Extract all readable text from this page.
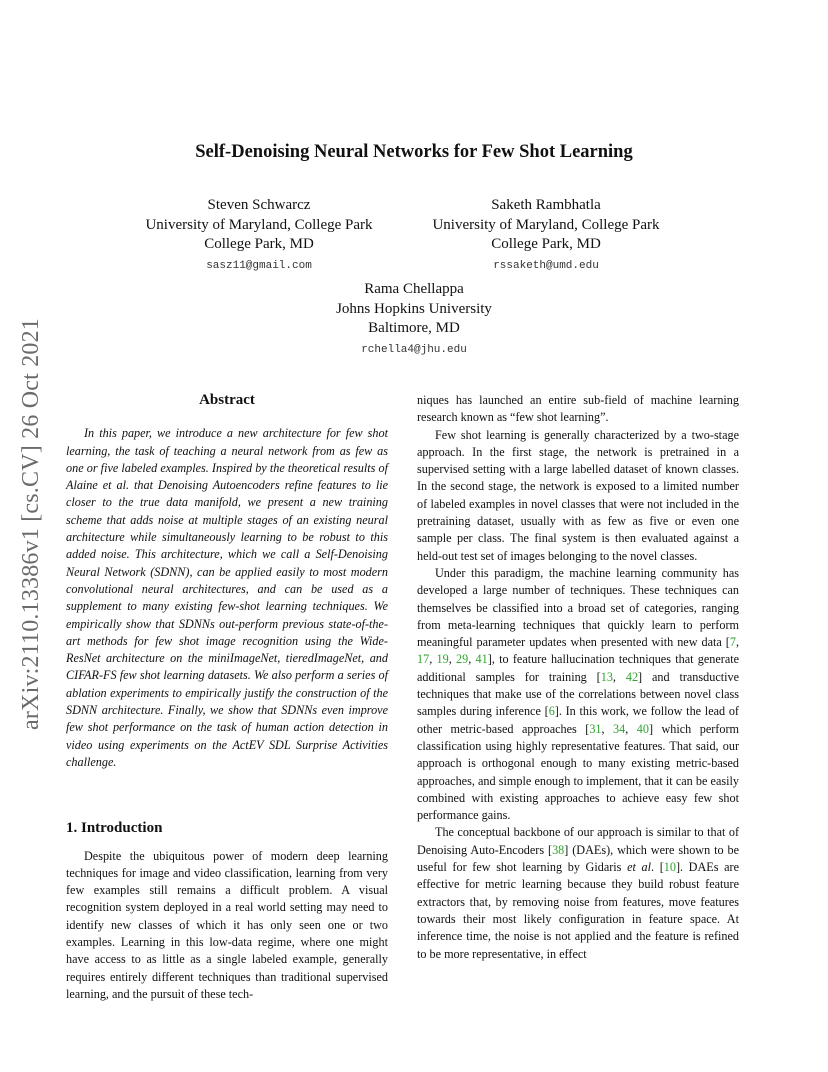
arXiv:2110.13386v1 [cs.CV] 26 Oct 2021
Self-Denoising Neural Networks for Few Shot Learning
Steven Schwarcz
University of Maryland, College Park
College Park, MD
sasz11@gmail.com
Saketh Rambhatla
University of Maryland, College Park
College Park, MD
rssaketh@umd.edu
Rama Chellappa
Johns Hopkins University
Baltimore, MD
rchella4@jhu.edu
Abstract

In this paper, we introduce a new architecture for few shot learning, the task of teaching a neural network from as few as one or five labeled examples. Inspired by the theoretical results of Alaine et al. that Denoising Autoencoders refine features to lie closer to the true data manifold, we present a new training scheme that adds noise at multiple stages of an existing neural architecture while simultaneously learning to be robust to this added noise. This architecture, which we call a Self-Denoising Neural Network (SDNN), can be applied easily to most modern convolutional neural architectures, and can be used as a supplement to many existing few-shot learning techniques. We empirically show that SDNNs out-perform previous state-of-the-art methods for few shot image recognition using the Wide-ResNet architecture on the miniImageNet, tieredImageNet, and CIFAR-FS few shot learning datasets. We also perform a series of ablation experiments to empirically justify the construction of the SDNN architecture. Finally, we show that SDNNs even improve few shot performance on the task of human action detection in video using experiments on the ActEV SDL Surprise Activities challenge.

1. Introduction

Despite the ubiquitous power of modern deep learning techniques for image and video classification, learning from very few examples still remains a difficult problem. A visual recognition system deployed in a real world setting may need to identify new classes of which it has only seen one or two examples. Learning in this low-data regime, where one might have access to as little as a single labeled example, generally requires entirely different techniques than traditional supervised learning, and the pursuit of these tech-

niques has launched an entire sub-field of machine learning research known as “few shot learning”.

Few shot learning is generally characterized by a two-stage approach. In the first stage, the network is pretrained in a supervised setting with a large labelled dataset of known classes. In the second stage, the network is exposed to a limited number of labeled examples in novel classes that were not included in the pretraining dataset, usually with as few as five or even one sample per class. The final system is then evaluated against a held-out test set of images belonging to the novel classes.

Under this paradigm, the machine learning community has developed a large number of techniques. These techniques can themselves be classified into a broad set of categories, ranging from meta-learning techniques that quickly learn to perform meaningful parameter updates when presented with new data [7, 17, 19, 29, 41], to feature hallucination techniques that generate additional samples for training [13, 42] and transductive techniques that make use of the correlations between novel class samples during inference [6]. In this work, we follow the lead of other metric-based approaches [31, 34, 40] which perform classification using highly representative features. That said, our approach is orthogonal enough to many existing metric-based approaches, and simple enough to implement, that it can be easily combined with existing approaches to achieve easy few shot performance gains.

The conceptual backbone of our approach is similar to that of Denoising Auto-Encoders [38] (DAEs), which were shown to be useful for few shot learning by Gidaris et al. [10]. DAEs are effective for metric learning because they build robust feature extractors that, by removing noise from features, move features towards their most likely configuration in feature space. At inference time, the noise is not applied and the feature is refined to be more representative, in effect
